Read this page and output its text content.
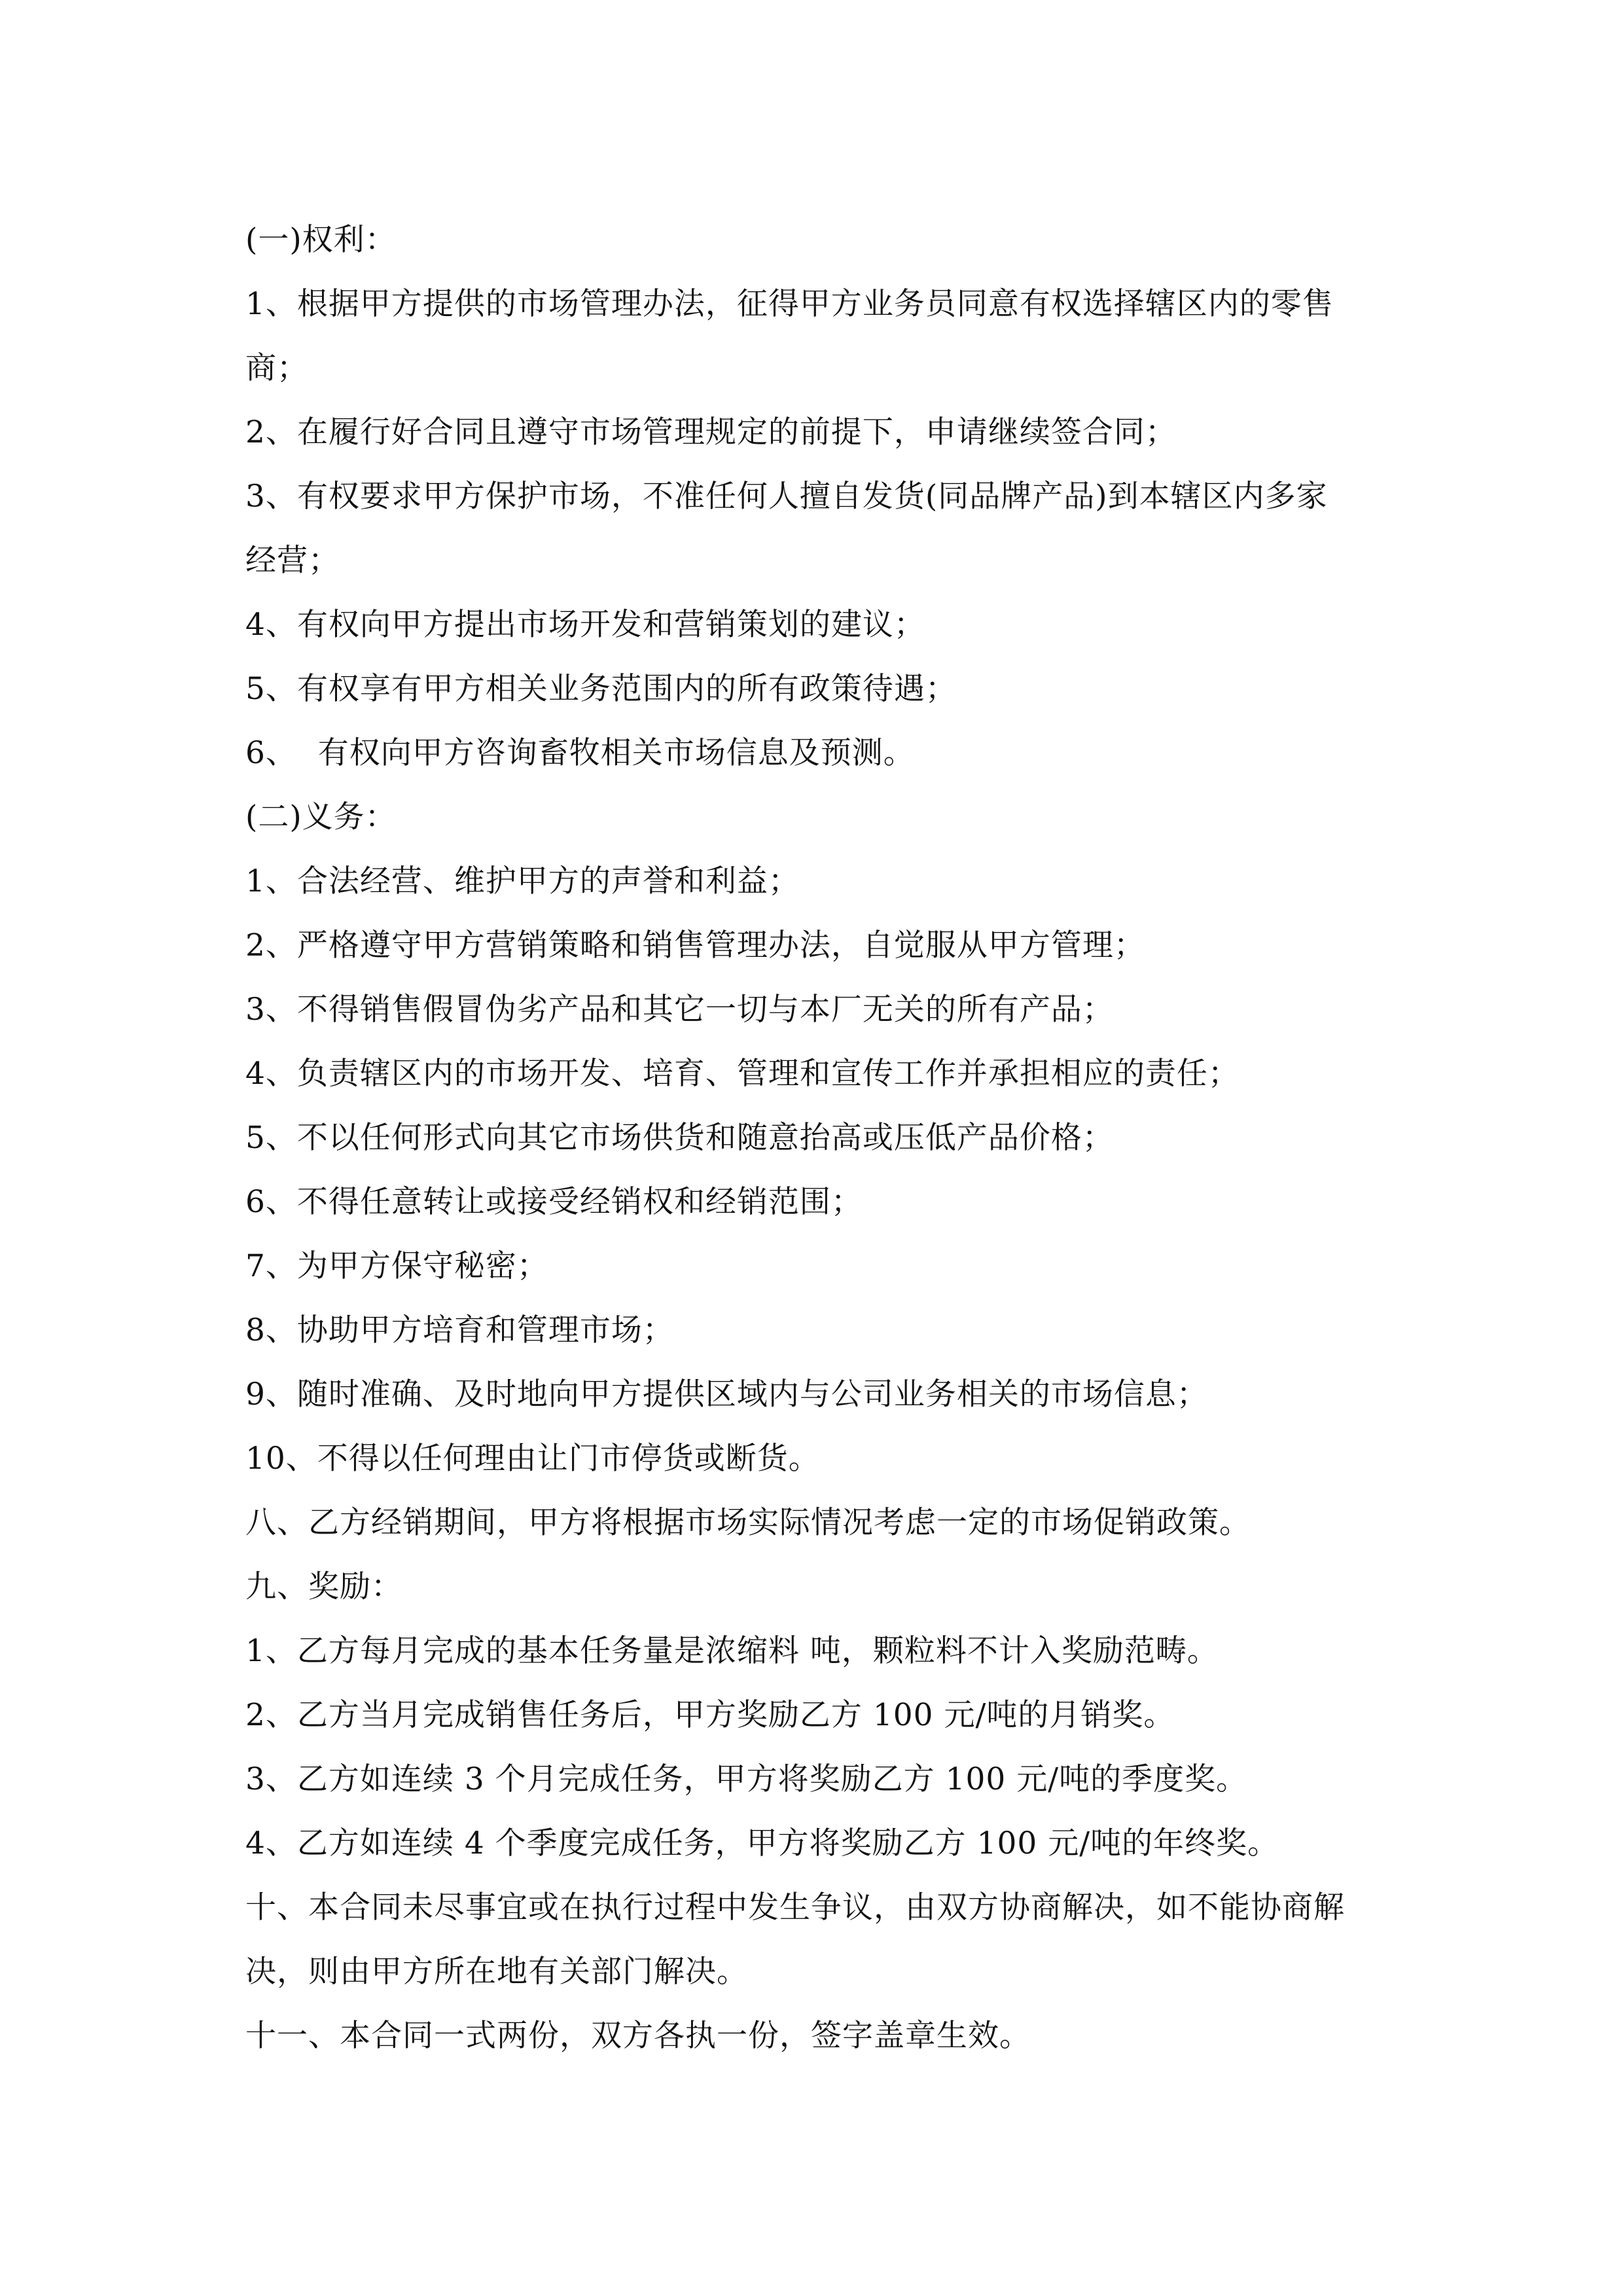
(一)权利：
1、根据甲方提供的市场管理办法，征得甲方业务员同意有权选择辖区内的零售
商；
2、在履行好合同且遵守市场管理规定的前提下，申请继续签合同；
3、有权要求甲方保护市场，不准任何人擅自发货(同品牌产品)到本辖区内多家
经营；
4、有权向甲方提出市场开发和营销策划的建议；
5、有权享有甲方相关业务范围内的所有政策待遇；
6、  有权向甲方咨询畜牧相关市场信息及预测。
(二)义务：
1、合法经营、维护甲方的声誉和利益；
2、严格遵守甲方营销策略和销售管理办法，自觉服从甲方管理；
3、不得销售假冒伪劣产品和其它一切与本厂无关的所有产品；
4、负责辖区内的市场开发、培育、管理和宣传工作并承担相应的责任；
5、不以任何形式向其它市场供货和随意抬高或压低产品价格；
6、不得任意转让或接受经销权和经销范围；
7、为甲方保守秘密；
8、协助甲方培育和管理市场；
9、随时准确、及时地向甲方提供区域内与公司业务相关的市场信息；
10、不得以任何理由让门市停货或断货。
八、乙方经销期间，甲方将根据市场实际情况考虑一定的市场促销政策。
九、奖励：
1、乙方每月完成的基本任务量是浓缩料 吨，颗粒料不计入奖励范畴。
2、乙方当月完成销售任务后，甲方奖励乙方 100 元/吨的月销奖。
3、乙方如连续 3 个月完成任务，甲方将奖励乙方 100 元/吨的季度奖。
4、乙方如连续 4 个季度完成任务，甲方将奖励乙方 100 元/吨的年终奖。
十、本合同未尽事宜或在执行过程中发生争议，由双方协商解决，如不能协商解
决，则由甲方所在地有关部门解决。
十一、本合同一式两份，双方各执一份，签字盖章生效。
